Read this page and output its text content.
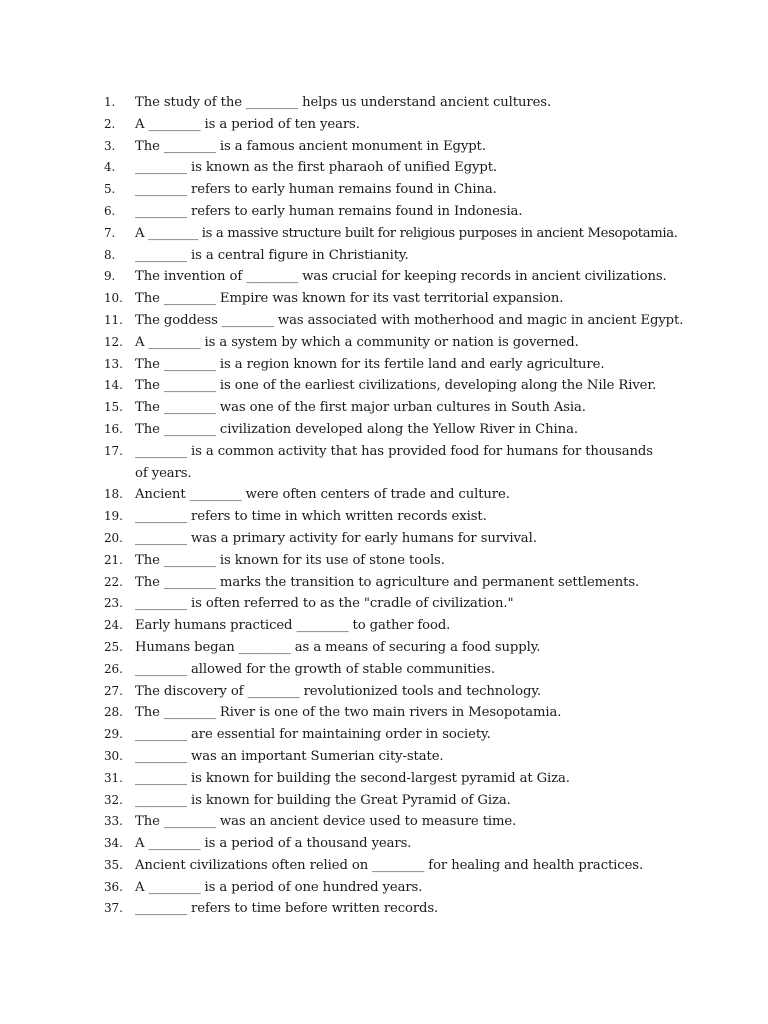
1.	The study of the ________ helps us understand ancient cultures.
2.	A ________ is a period of ten years.
3.	The ________ is a famous ancient monument in Egypt.
4.	________ is known as the first pharaoh of unified Egypt.
5.	________ refers to early human remains found in China.
6.	________ refers to early human remains found in Indonesia.
7.	A ________ is a massive structure built for religious purposes in ancient Mesopotamia.
8.	________ is a central figure in Christianity.
9.	The invention of ________ was crucial for keeping records in ancient civilizations.
10. The ________ Empire was known for its vast territorial expansion.
11. The goddess ________ was associated with motherhood and magic in ancient Egypt.
12. A ________ is a system by which a community or nation is governed.
13. The ________ is a region known for its fertile land and early agriculture.
14. The ________ is one of the earliest civilizations, developing along the Nile River.
15. The ________ was one of the first major urban cultures in South Asia.
16. The ________ civilization developed along the Yellow River in China.
17. ________ is a common activity that has provided food for humans for thousands of years.
18. Ancient ________ were often centers of trade and culture.
19. ________ refers to time in which written records exist.
20. ________ was a primary activity for early humans for survival.
21. The ________ is known for its use of stone tools.
22. The ________ marks the transition to agriculture and permanent settlements.
23. ________ is often referred to as the "cradle of civilization."
24. Early humans practiced ________ to gather food.
25. Humans began ________ as a means of securing a food supply.
26. ________ allowed for the growth of stable communities.
27. The discovery of ________ revolutionized tools and technology.
28. The ________ River is one of the two main rivers in Mesopotamia.
29. ________ are essential for maintaining order in society.
30. ________ was an important Sumerian city-state.
31. ________ is known for building the second-largest pyramid at Giza.
32. ________ is known for building the Great Pyramid of Giza.
33. The ________ was an ancient device used to measure time.
34. A ________ is a period of a thousand years.
35. Ancient civilizations often relied on ________ for healing and health practices.
36. A ________ is a period of one hundred years.
37. ________ refers to time before written records.
